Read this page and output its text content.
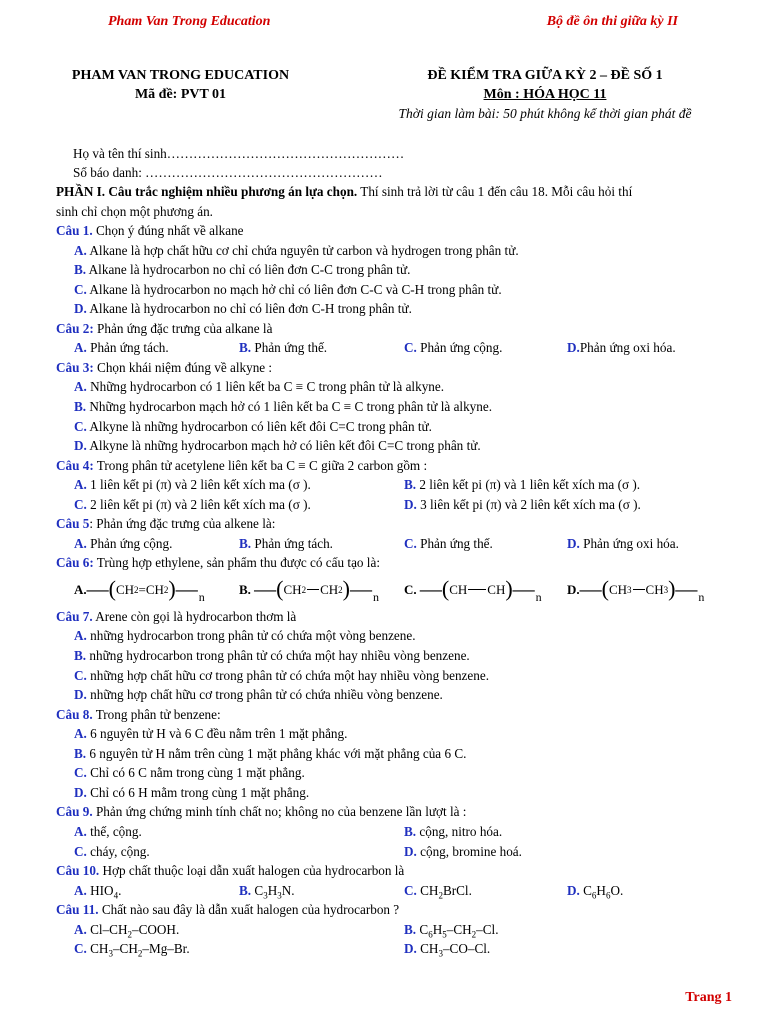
Pham Van Trong Education	Bộ đề ôn thi giữa kỳ II
PHAM VAN TRONG EDUCATION
Mã đề: PVT 01
ĐỀ KIỂM TRA GIỮA KỲ 2 – ĐỀ SỐ 1
Môn : HÓA HỌC 11
Thời gian làm bài: 50 phút không kể thời gian phát đề
Họ và tên thí sinh………………………………………………
Số báo danh: ………………………………………………
PHẦN I. Câu trắc nghiệm nhiều phương án lựa chọn. Thí sinh trả lời từ câu 1 đến câu 18. Mỗi câu hỏi thí
sinh chỉ chọn một phương án.
Câu 1. Chọn ý đúng nhất về alkane
A. Alkane là hợp chất hữu cơ chỉ chứa nguyên tử carbon và hydrogen trong phân tử.
B. Alkane là hydrocarbon no chỉ có liên đơn C-C trong phân tử.
C. Alkane là hydrocarbon no mạch hở chỉ có liên đơn C-C và C-H trong phân tử.
D. Alkane là hydrocarbon no chỉ có liên đơn C-H trong phân tử.
Câu 2: Phản ứng đặc trưng của alkane là
A. Phản ứng tách.	B. Phản ứng thế.	C. Phản ứng cộng.	D.Phản ứng oxi hóa.
Câu 3: Chọn khái niệm đúng về alkyne :
A. Những hydrocarbon có 1 liên kết ba C ≡ C trong phân tử là alkyne.
B. Những hydrocarbon mạch hở có 1 liên kết ba C ≡ C trong phân tử là alkyne.
C. Alkyne là những hydrocarbon có liên kết đôi C=C trong phân tử.
D. Alkyne là những hydrocarbon mạch hở có liên kết đôi C=C trong phân tử.
Câu 4: Trong phân tử acetylene liên kết ba C ≡ C giữa 2 carbon gồm :
A. 1 liên kết pi (π) và 2 liên kết xích ma (σ ).	B. 2 liên kết pi (π) và 1 liên kết xích ma (σ ).
C. 2 liên kết pi (π) và 2 liên kết xích ma (σ ).	D. 3 liên kết pi (π) và 2 liên kết xích ma (σ ).
Câu 5: Phản ứng đặc trưng của alkene là:
A. Phản ứng cộng.	B. Phản ứng tách.	C. Phản ứng thế.	D. Phản ứng oxi hóa.
Câu 6: Trùng hợp ethylene, sản phẩm thu được có cấu tạo là:
A. —( CH 2 =CH 2 )— n
B.
—( CH 2 CH 2 )— n
C.
—( CH CH )— n
D. —( CH 3 CH 3 )— n
Câu 7. Arene còn gọi là hydrocarbon thơm là
A. những hydrocarbon trong phân tử có chứa một vòng benzene.
B. những hydrocarbon trong phân tử có chứa một hay nhiều vòng benzene.
C. những hợp chất hữu cơ trong phân tử có chứa một hay nhiều vòng benzene.
D. những hợp chất hữu cơ trong phân tử có chứa nhiều vòng benzene.
Câu 8. Trong phân tử benzene:
A. 6 nguyên tử H và 6 C đều nằm trên 1 mặt phẳng.
B. 6 nguyên tử H nằm trên cùng 1 mặt phẳng khác với mặt phẳng của 6 C.
C. Chỉ có 6 C nằm trong cùng 1 mặt phẳng.
D. Chỉ có 6 H mằm trong cùng 1 mặt phẳng.
Câu 9. Phản ứng chứng minh tính chất no; không no của benzene lần lượt là :
A. thế, cộng.	B. cộng, nitro hóa.
C. cháy, cộng.	D. cộng, bromine hoá.
Câu 10. Hợp chất thuộc loại dẫn xuất halogen của hydrocarbon là
A. $HIO_4$.	B. $C_3H_3N$.	C. $CH_2BrCl$.	D. $C_6H_6O$.
Câu 11. Chất nào sau đây là dẫn xuất halogen của hydrocarbon ?
A. $Cl-CH_2$–COOH.	B. $C_6H_5-CH_2-Cl$.
C. $CH_3-CH_2-Mg-Br$.	D. $CH_3-CO-Cl$.
Trang 1
